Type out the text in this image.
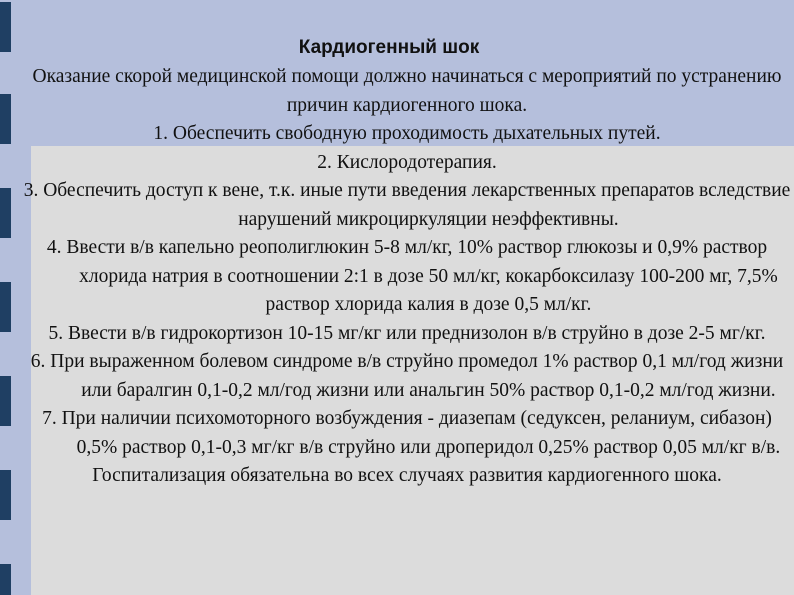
Кардиогенный шок

Оказание скорой медицинской помощи должно начинаться с мероприятий по устранению причин кардиогенного шока.

1. Обеспечить свободную проходимость дыхательных путей.

2. Кислородотерапия.

3. Обеспечить доступ к вене, т.к. иные пути введения лекарственных препаратов вследствие нарушений микроциркуляции неэффективны.

4. Ввести в/в капельно реополиглюкин 5-8 мл/кг, 10% раствор глюкозы и 0,9% раствор хлорида натрия в соотношении 2:1 в дозе 50 мл/кг, кокарбоксилазу 100-200 мг, 7,5% раствор хлорида калия в дозе 0,5 мл/кг.

5. Ввести в/в гидрокортизон 10-15 мг/кг или преднизолон в/в струйно в дозе 2-5 мг/кг.

6. При выраженном болевом синдроме в/в струйно промедол 1% раствор 0,1 мл/год жизни или баралгин 0,1-0,2 мл/год жизни или анальгин 50% раствор 0,1-0,2 мл/год жизни.

7. При наличии психомоторного возбуждения - диазепам (седуксен, реланиум, сибазон) 0,5% раствор 0,1-0,3 мг/кг в/в струйно или дроперидол 0,25% раствор 0,05 мл/кг в/в.

Госпитализация обязательна во всех случаях развития кардиогенного шока.
